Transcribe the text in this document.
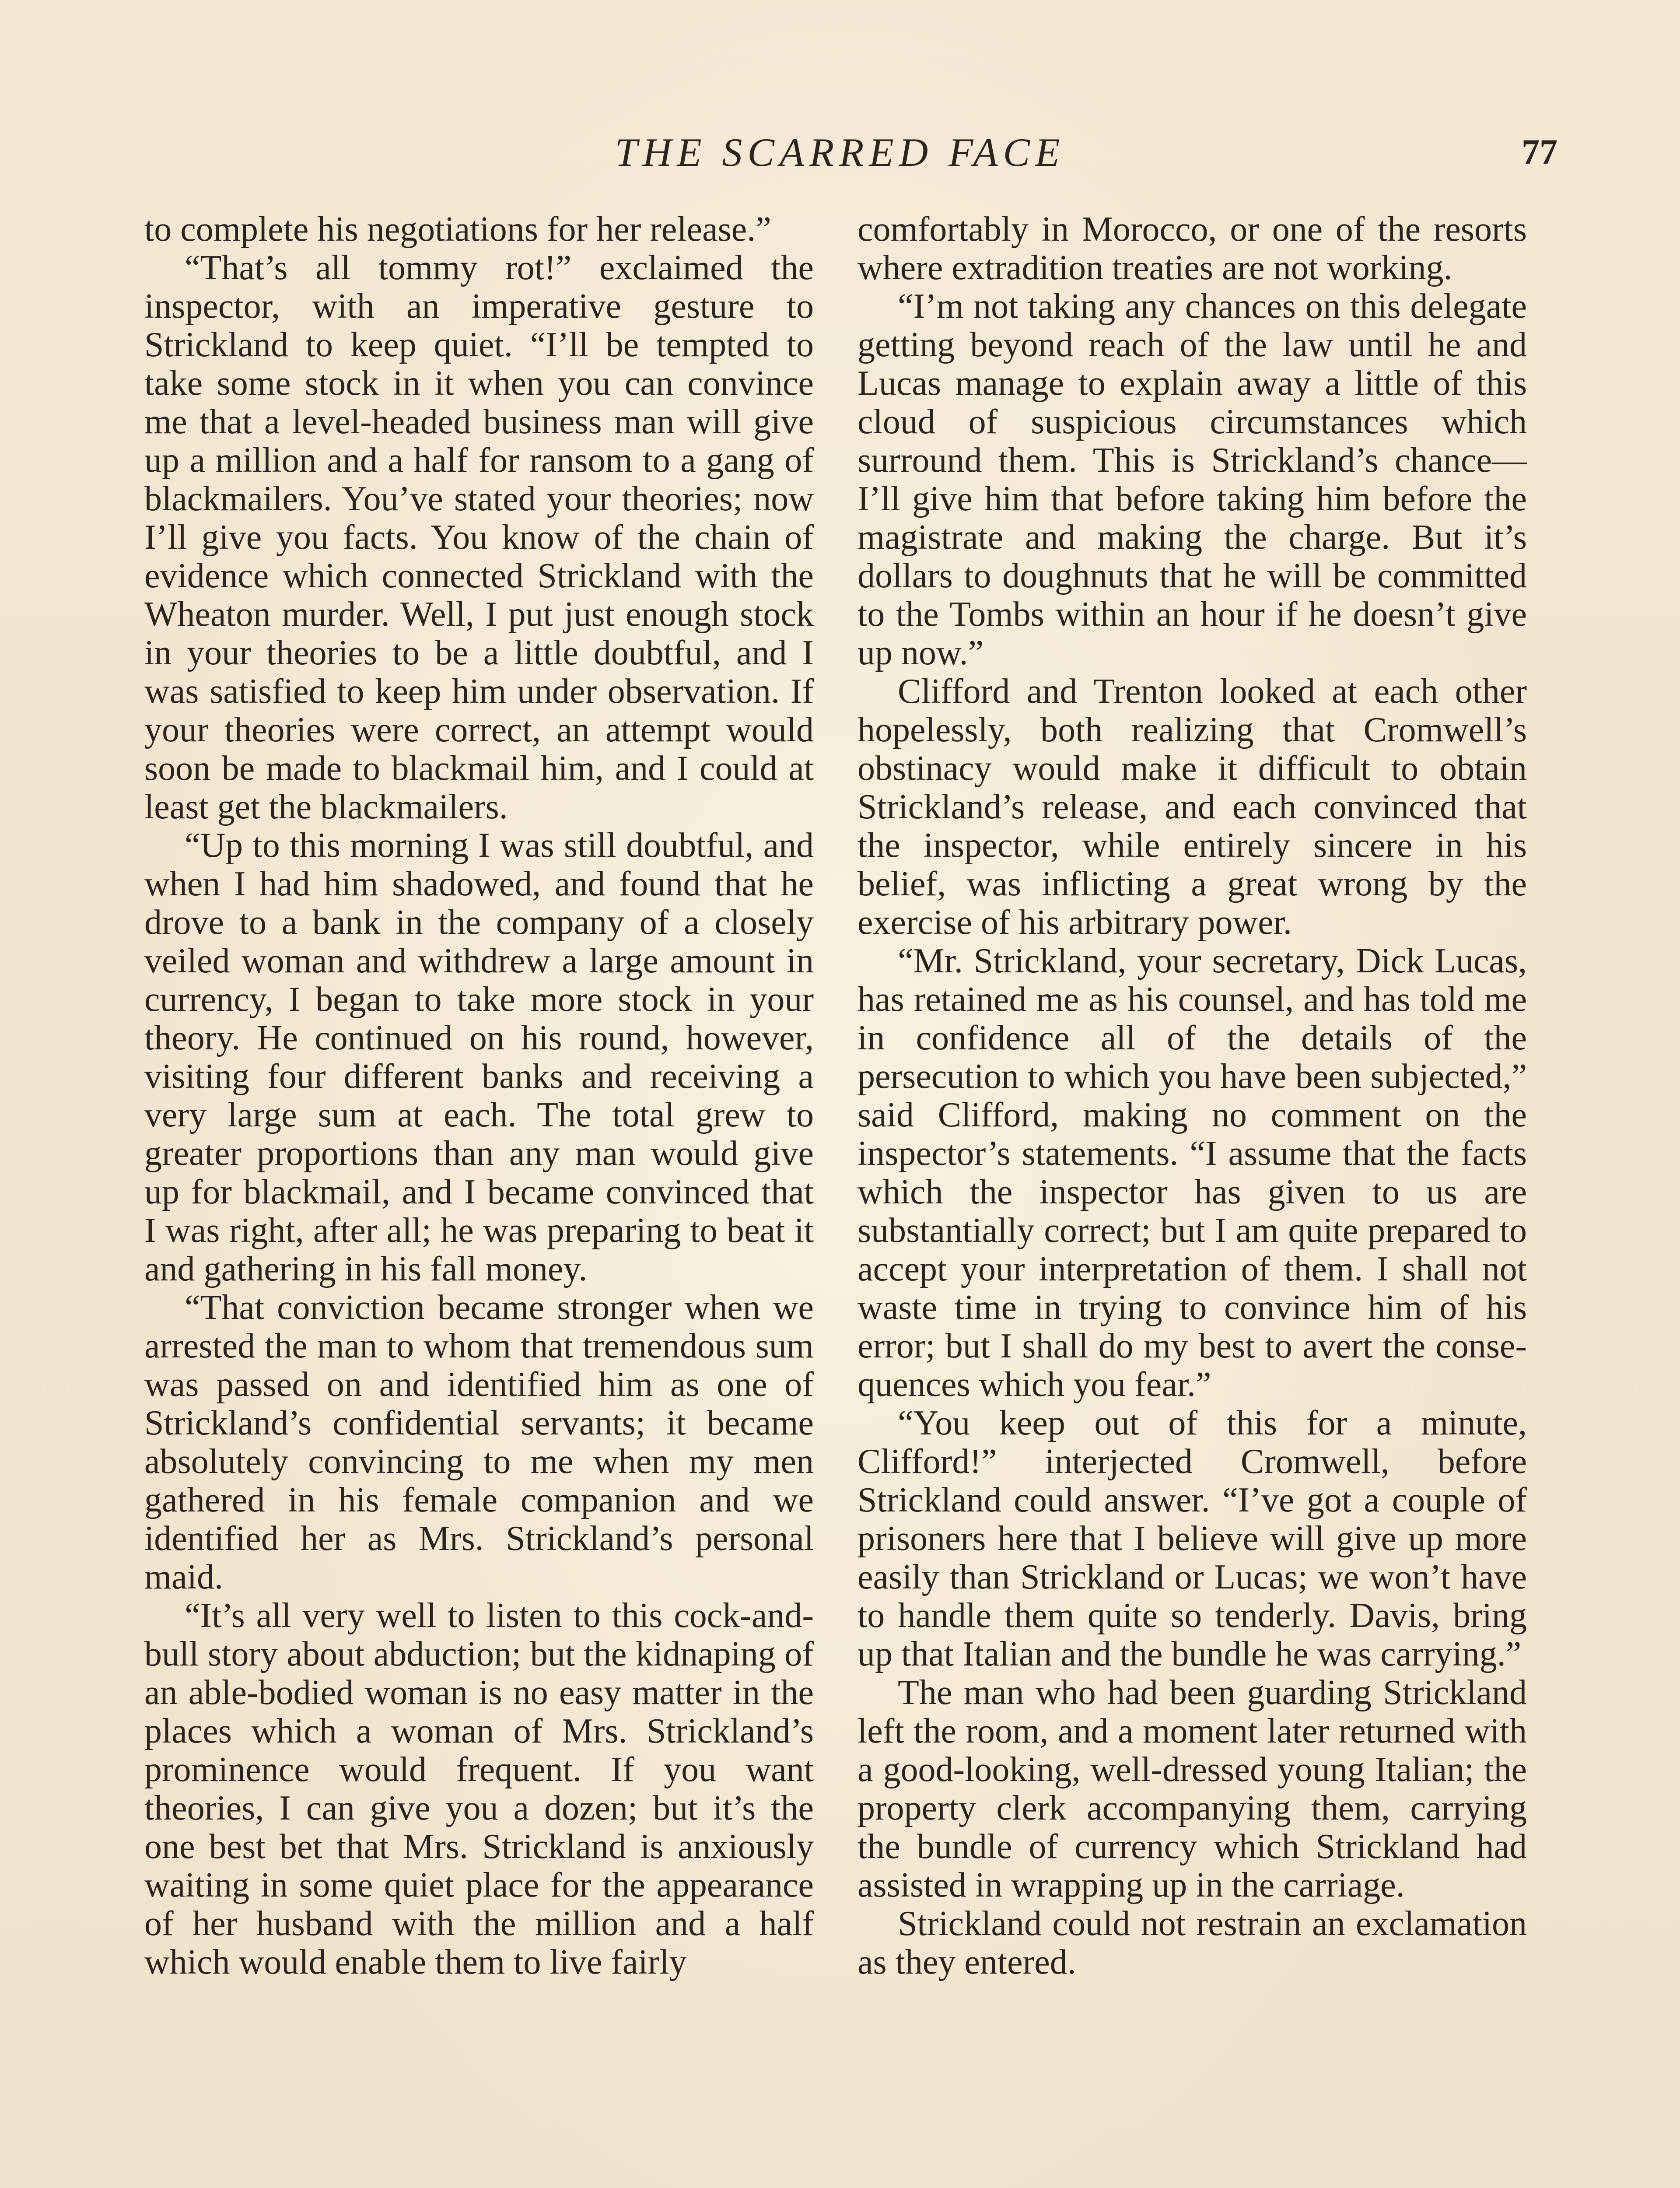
THE SCARRED FACE	77

to complete his negotiations for her release.”

“That’s all tommy rot!” exclaimed the inspector, with an imperative gesture to Strickland to keep quiet. “I’ll be tempted to take some stock in it when you can convince me that a level-headed business man will give up a million and a half for ransom to a gang of blackmailers. You’ve stated your theories; now I’ll give you facts. You know of the chain of evidence which connected Strickland with the Wheaton murder. Well, I put just enough stock in your theories to be a little doubtful, and I was satisfied to keep him under observation. If your theories were correct, an attempt would soon be made to blackmail him, and I could at least get the blackmailers.

“Up to this morning I was still doubtful, and when I had him shadowed, and found that he drove to a bank in the company of a closely veiled woman and withdrew a large amount in currency, I began to take more stock in your theory. He continued on his round, however, visiting four different banks and receiving a very large sum at each. The total grew to greater proportions than any man would give up for blackmail, and I became convinced that I was right, after all; he was preparing to beat it and gathering in his fall money.

“That conviction became stronger when we arrested the man to whom that tremendous sum was passed on and identified him as one of Strickland’s confidential servants; it became absolutely convincing to me when my men gathered in his female companion and we identified her as Mrs. Strickland’s personal maid.

“It’s all very well to listen to this cock-and-bull story about abduction; but the kidnaping of an able-bodied woman is no easy matter in the places which a woman of Mrs. Strickland’s prominence would frequent. If you want theories, I can give you a dozen; but it’s the one best bet that Mrs. Strickland is anxiously waiting in some quiet place for the appearance of her husband with the million and a half which would enable them to live fairly

comfortably in Morocco, or one of the resorts where extradition treaties are not working.

“I’m not taking any chances on this delegate getting beyond reach of the law until he and Lucas manage to explain away a little of this cloud of suspicious circumstances which surround them. This is Strickland’s chance—I’ll give him that before taking him before the magistrate and making the charge. But it’s dollars to doughnuts that he will be committed to the Tombs within an hour if he doesn’t give up now.”

Clifford and Trenton looked at each other hopelessly, both realizing that Cromwell’s obstinacy would make it difficult to obtain Strickland’s release, and each convinced that the inspector, while entirely sincere in his belief, was inflicting a great wrong by the exercise of his arbitrary power.

“Mr. Strickland, your secretary, Dick Lucas, has retained me as his counsel, and has told me in confidence all of the details of the persecution to which you have been subjected,” said Clifford, making no comment on the inspector’s statements. “I assume that the facts which the inspector has given to us are substantially correct; but I am quite prepared to accept your interpretation of them. I shall not waste time in trying to convince him of his error; but I shall do my best to avert the consequences which you fear.”

“You keep out of this for a minute, Clifford!” interjected Cromwell, before Strickland could answer. “I’ve got a couple of prisoners here that I believe will give up more easily than Strickland or Lucas; we won’t have to handle them quite so tenderly. Davis, bring up that Italian and the bundle he was carrying.”

The man who had been guarding Strickland left the room, and a moment later returned with a good-looking, well-dressed young Italian; the property clerk accompanying them, carrying the bundle of currency which Strickland had assisted in wrapping up in the carriage.

Strickland could not restrain an exclamation as they entered.
